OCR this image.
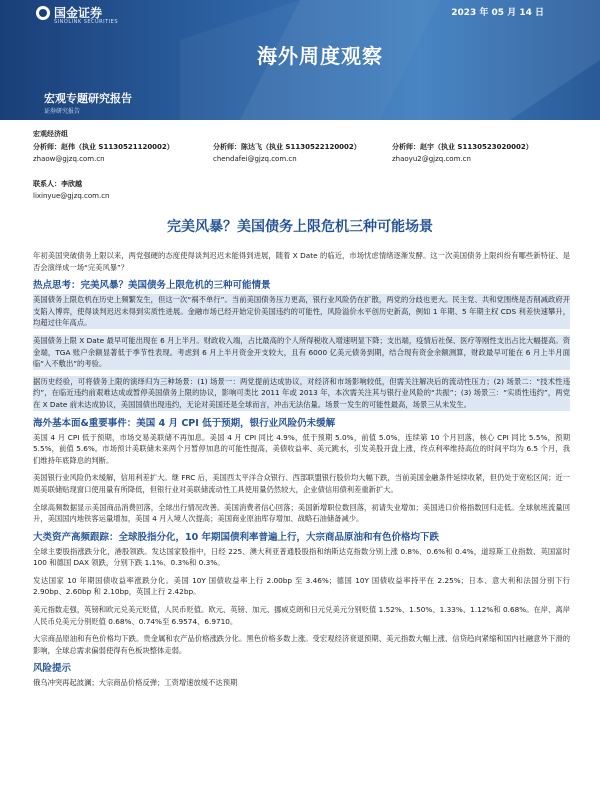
国金证券
SINOLINK SECURITIES
2023 年 05 月 14 日
海外周度观察
宏观专题研究报告
证券研究报告
宏观经济组
分析师：赵伟（执业 S1130521120002）
zhaow@gjzq.com.cn
分析师：陈达飞（执业 S1130522120002）
chendafei@gjzq.com.cn
分析师：赵宇（执业 S1130523020002）
zhaoyu2@gjzq.com.cn
联系人：李欣越
lixinyue@gjzq.com.cn
完美风暴？美国债务上限危机三种可能场景

年初美国突破债务上限以来，两党强硬的态度使得谈判迟迟未能得到进展，随着 X Date 的临近，市场忧虑情绪逐渐发酵。这一次美国债务上限纠纷有哪些新特征、是否会演绎成一场“完美风暴”？

热点思考：完美风暴？美国债务上限危机的三种可能情景

美国债务上限危机在历史上频繁发生，但这一次“祸不单行”。当前美国债务压力更高，银行业风险仍在扩散，两党的分歧也更大。民主党、共和党围绕是否削减政府开支陷入博弈，使得谈判迟迟未得到实质性进展。金融市场已经开始定价美国违约的可能性，风险溢价水平创历史新高，例如 1 年期、5 年期主权 CDS 利差快速攀升，均超过往年高点。

美国债务上限 X Date 最早可能出现在 6 月上半月。财政收入端，占比最高的个人所得税收入增速明显下降；支出端，疫情后社保、医疗等刚性支出占比大幅提高。资金端，TGA 账户余额显著低于季节性表现。考虑到 6 月上半月资金开支较大，且有 6000 亿美元债务到期，结合现有资金余额测算，财政最早可能在 6 月上半月面临“入不敷出”的考验。

据历史经验，可将债务上限的演绎归为三种场景：(1) 场景一：两党提前达成协议，对经济和市场影响较低，但需关注解决后的流动性压力；(2) 场景二：“技术性违约”，在临近违约前艰难达成或暂停美国债务上限的协议，影响可类比 2011 年或 2013 年，本次需关注其与银行业风险的“共振”；(3) 场景三：“实质性违约”，两党在 X Date 前未达成协议，美国国债出现违约，无论对美国还是全球而言，冲击无法估量。场景一发生的可能性最高，场景三从未发生。

海外基本面&重要事件：美国 4 月 CPI 低于预期，银行业风险仍未缓解

美国 4 月 CPI 低于预期，市场交易美联储不再加息。美国 4 月 CPI 同比 4.9%，低于预期 5.0%，前值 5.0%，连续第 10 个月回落，核心 CPI 同比 5.5%，预期 5.5%，前值 5.6%。市场预计美联储未来两个月暂停加息的可能性提高，美债收益率、美元跳水，引发美股开盘上涨，终点利率维持高位的时间平均为 6.5 个月，我们维持年底降息的判断。

美国银行业风险仍未缓解，信用利差扩大。继 FRC 后，美国西太平洋合众银行、西部联盟银行股价均大幅下跌，当前美国金融条件延续收紧，但仍处于宽松区间；近一周美联储贴现窗口使用量有所降低，但银行业对美联储流动性工具使用量仍然较大，企业债信用债利差重新扩大。

全球高频数据显示美国商品消费回落，全球出行情况改善。美国消费者信心回落；美国新增职位数回落，初请失业增加；美国进口价格指数回归走低。全球航班流量回升，美国国内地铁客运量增加，美国 4 月入境人次提高；美国商业原油库存增加、战略石油储备减少。

大类资产高频跟踪：全球股指分化，10 年期国债利率普遍上行，大宗商品原油和有色价格均下跌

全球主要股指涨跌分化，港股领跌。发达国家股指中，日经 225、澳大利亚普通股股指和纳斯达克指数分别上涨 0.8%、0.6%和 0.4%，道琼斯工业指数、英国富时 100 和德国 DAX 领跌，分别下跌 1.1%、0.3%和 0.3%。

发达国家 10 年期国债收益率涨跌分化。美国 10Y 国债收益率上行 2.00bp 至 3.46%；德国 10Y 国债收益率持平在 2.25%；日本、意大利和法国分别下行 2.90bp、2.60bp 和 2.10bp，英国上行 2.42bp。

美元指数走强，英镑和欧元兑美元贬值，人民币贬值。欧元、英镑、加元、挪威克朗和日元兑美元分别贬值 1.52%、1.50%、1.33%、1.12%和 0.68%。在岸、离岸人民币兑美元分别贬值 0.68%、0.74%至 6.9574、6.9710。

大宗商品原油和有色价格均下跌。贵金属和农产品价格涨跌分化。黑色价格多数上涨。受宏观经济衰退预期、美元指数大幅上涨、信贷趋向紧缩和国内社融意外下滑的影响，全球总需求偏弱使得有色板块整体走弱。

风险提示

俄乌冲突再起波澜；大宗商品价格反弹；工资增速放缓不达预期
